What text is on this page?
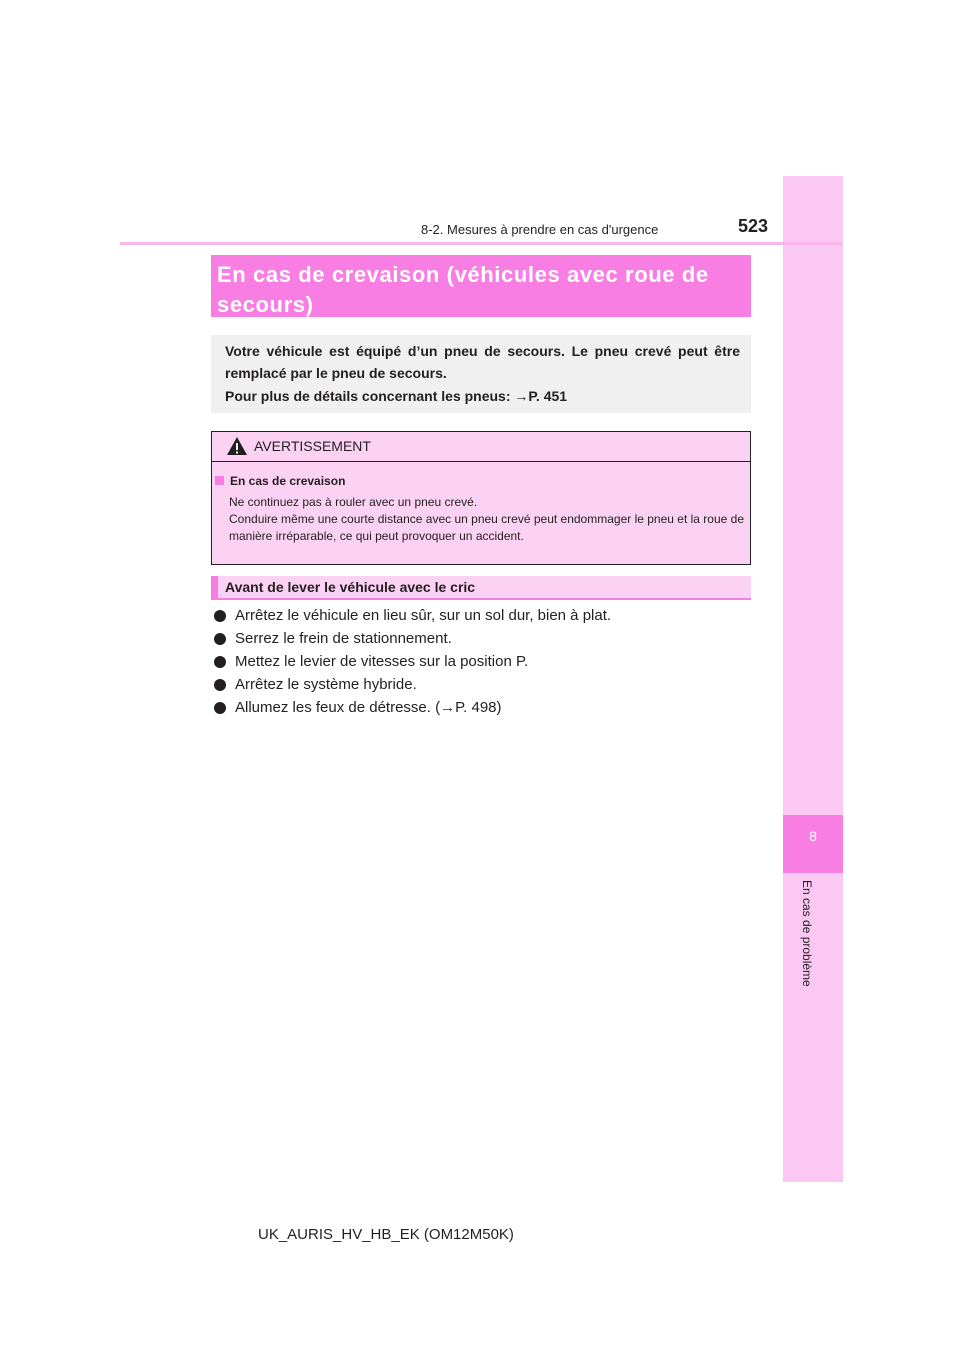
8
En cas de problème
8-2. Mesures à prendre en cas d'urgence	523
En cas de crevaison (véhicules avec roue de secours)
Votre véhicule est équipé d’un pneu de secours. Le pneu crevé peut être remplacé par le pneu de secours.
Pour plus de détails concernant les pneus: →P. 451
AVERTISSEMENT
En cas de crevaison
Ne continuez pas à rouler avec un pneu crevé.
Conduire même une courte distance avec un pneu crevé peut endommager le pneu et la roue de manière irréparable, ce qui peut provoquer un accident.
Avant de lever le véhicule avec le cric
Arrêtez le véhicule en lieu sûr, sur un sol dur, bien à plat.
Serrez le frein de stationnement.
Mettez le levier de vitesses sur la position P.
Arrêtez le système hybride.
Allumez les feux de détresse. (→P. 498)
UK_AURIS_HV_HB_EK (OM12M50K)
